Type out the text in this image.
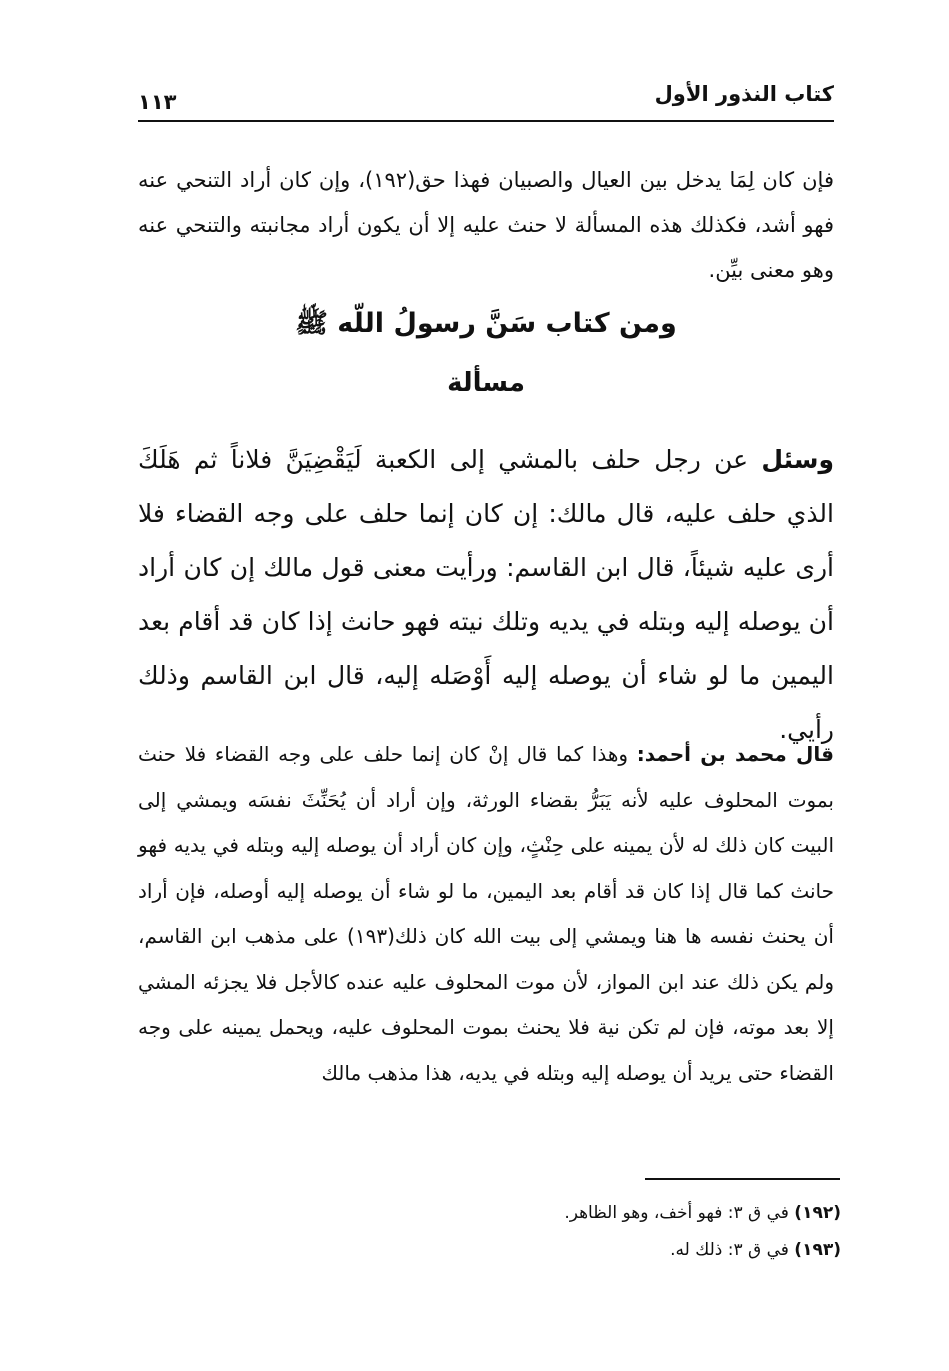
كتاب النذور الأول
١١٣

فإن كان لِمَا يدخل بين العيال والصبيان فهذا حق(١٩٢)، وإن كان أراد التنحي عنه فهو أشد، فكذلك هذه المسألة لا حنث عليه إلا أن يكون أراد مجانبته والتنحي عنه وهو معنى بيِّن.

ومن كتاب سَنَّ رسولُ اللّه ﷺ
مسألة

وسئل عن رجل حلف بالمشي إلى الكعبة لَيَقْضِيَنَّ فلاناً ثم هَلَكَ الذي حلف عليه، قال مالك: إن كان إنما حلف على وجه القضاء فلا أرى عليه شيئاً، قال ابن القاسم: ورأيت معنى قول مالك إن كان أراد أن يوصله إليه وبتله في يديه وتلك نيته فهو حانث إذا كان قد أقام بعد اليمين ما لو شاء أن يوصله إليه أَوْصَله إليه، قال ابن القاسم وذلك رأيي.

قال محمد بن أحمد: وهذا كما قال إنْ كان إنما حلف على وجه القضاء فلا حنث بموت المحلوف عليه لأنه يَبَرُّ بقضاء الورثة، وإن أراد أن يُحَنِّثَ نفسَه ويمشي إلى البيت كان ذلك له لأن يمينه على حِنْثٍ، وإن كان أراد أن يوصله إليه وبتله في يديه فهو حانث كما قال إذا كان قد أقام بعد اليمين، ما لو شاء أن يوصله إليه أوصله، فإن أراد أن يحنث نفسه ها هنا ويمشي إلى بيت الله كان ذلك(١٩٣) على مذهب ابن القاسم، ولم يكن ذلك عند ابن المواز، لأن موت المحلوف عليه عنده كالأجل فلا يجزئه المشي إلا بعد موته، فإن لم تكن نية فلا يحنث بموت المحلوف عليه، ويحمل يمينه على وجه القضاء حتى يريد أن يوصله إليه وبتله في يديه، هذا مذهب مالك

(١٩٢) في ق ٣: فهو أخف، وهو الظاهر.
(١٩٣) في ق ٣: ذلك له.
